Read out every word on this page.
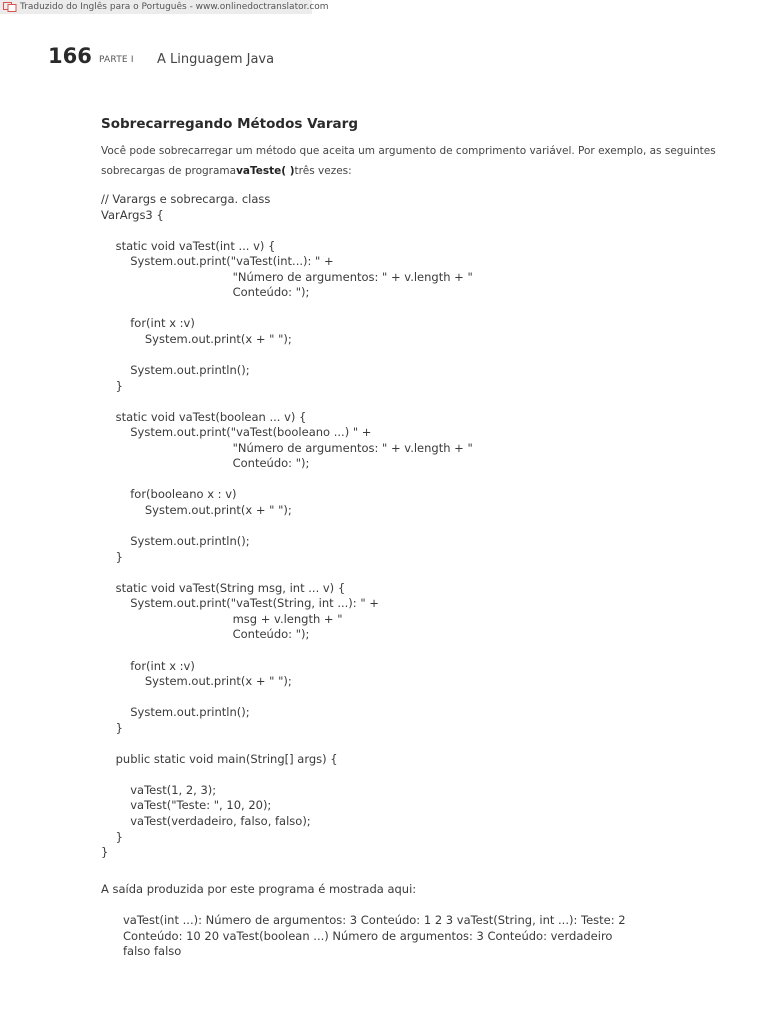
Traduzido do Inglês para o Português - www.onlinedoctranslator.com
166 PARTE I A Linguagem Java
Sobrecarregando Métodos Vararg
Você pode sobrecarregar um método que aceita um argumento de comprimento variável. Por exemplo, as seguintes
sobrecargas de programavaTeste( )três vezes:
// Varargs e sobrecarga. class
VarArgs3 {
static void vaTest(int ... v) {
System.out.print("vaTest(int...): " +
"Número de argumentos: " + v.length + "
Conteúdo: ");
for(int x :v)
System.out.print(x + " ");
System.out.println();
}
static void vaTest(boolean ... v) {
System.out.print("vaTest(booleano ...) " +
"Número de argumentos: " + v.length + "
Conteúdo: ");
for(booleano x : v)
System.out.print(x + " ");
System.out.println();
}
static void vaTest(String msg, int ... v) {
System.out.print("vaTest(String, int ...): " +
msg + v.length + "
Conteúdo: ");
for(int x :v)
System.out.print(x + " ");
System.out.println();
}
public static void main(String[] args) {
vaTest(1, 2, 3);
vaTest("Teste: ", 10, 20);
vaTest(verdadeiro, falso, falso);
}
}
A saída produzida por este programa é mostrada aqui:
vaTest(int ...): Número de argumentos: 3 Conteúdo: 1 2 3 vaTest(String, int ...): Teste: 2
Conteúdo: 10 20 vaTest(boolean ...) Número de argumentos: 3 Conteúdo: verdadeiro
falso falso
